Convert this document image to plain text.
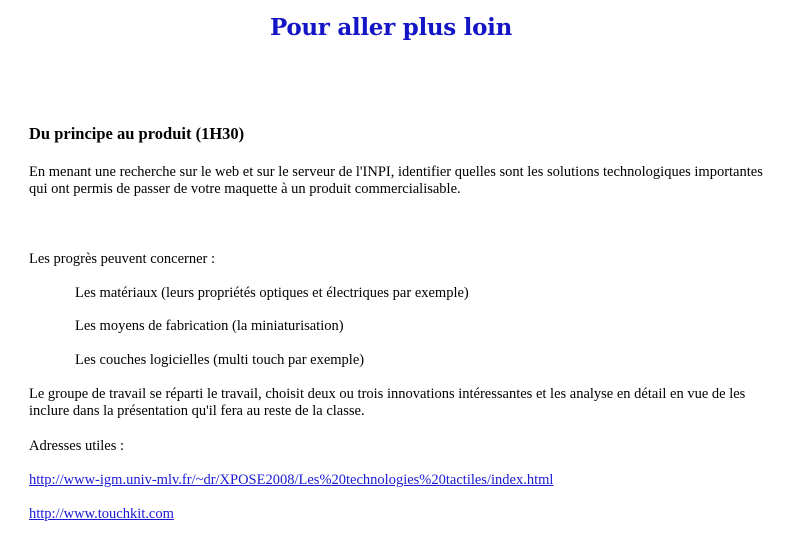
Pour aller plus loin
Du principe au produit (1H30)

En menant une recherche sur le web et sur le serveur de l'INPI, identifier quelles sont les solutions technologiques importantes qui ont permis de passer de votre maquette à un produit commercialisable.

Les progrès peuvent concerner :

Les matériaux (leurs propriétés optiques et électriques par exemple)

Les moyens de fabrication (la miniaturisation)

Les couches logicielles (multi touch par exemple)

Le groupe de travail se réparti le travail, choisit deux ou trois innovations intéressantes et les analyse en détail en vue de les inclure dans la présentation qu'il fera au reste de la classe.

Adresses utiles :

http://www-igm.univ-mlv.fr/~dr/XPOSE2008/Les%20technologies%20tactiles/index.html

http://www.touchkit.com
